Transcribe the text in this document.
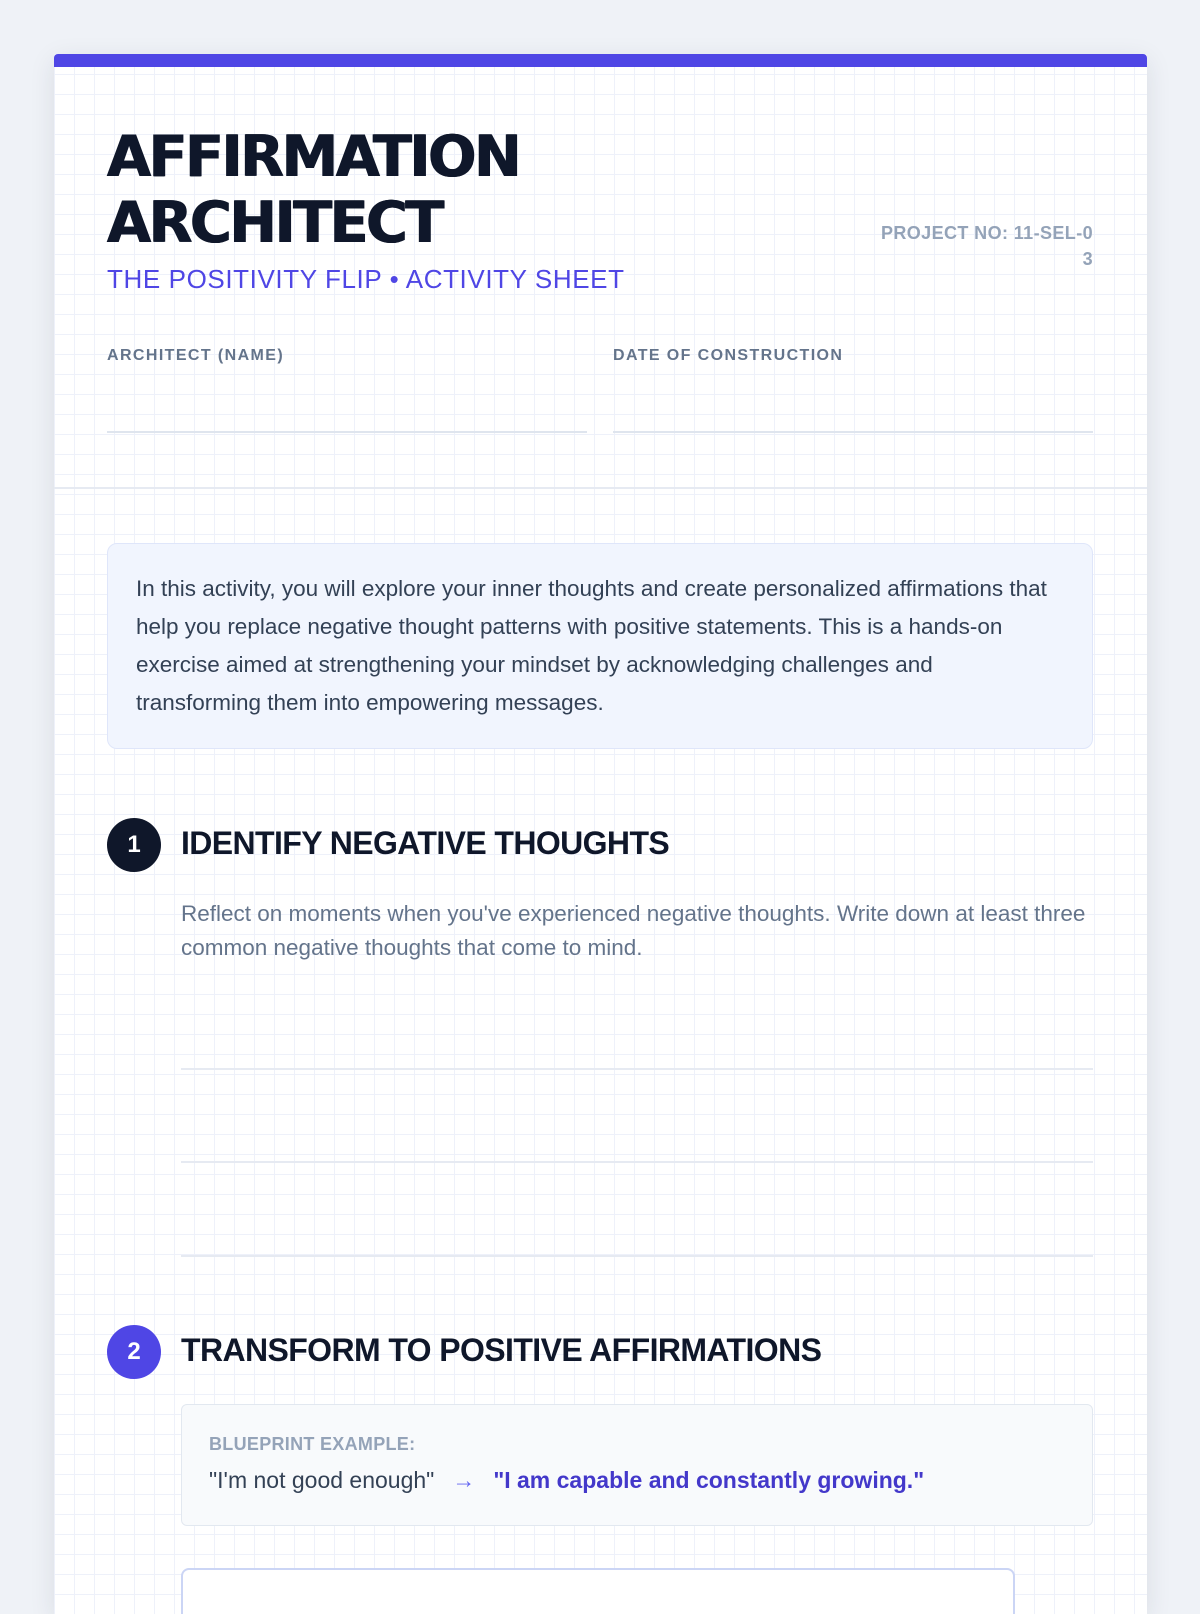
AFFIRMATION
ARCHITECT
THE POSITIVITY FLIP • ACTIVITY SHEET
PROJECT NO: 11-SEL-03
ARCHITECT (NAME)	DATE OF CONSTRUCTION
In this activity, you will explore your inner thoughts and create personalized affirmations that help you replace negative thought patterns with positive statements. This is a hands-on exercise aimed at strengthening your mindset by acknowledging challenges and transforming them into empowering messages.
1	IDENTIFY NEGATIVE THOUGHTS
Reflect on moments when you've experienced negative thoughts. Write down at least three common negative thoughts that come to mind.
2	TRANSFORM TO POSITIVE AFFIRMATIONS
BLUEPRINT EXAMPLE:
"I'm not good enough" → "I am capable and constantly growing."
